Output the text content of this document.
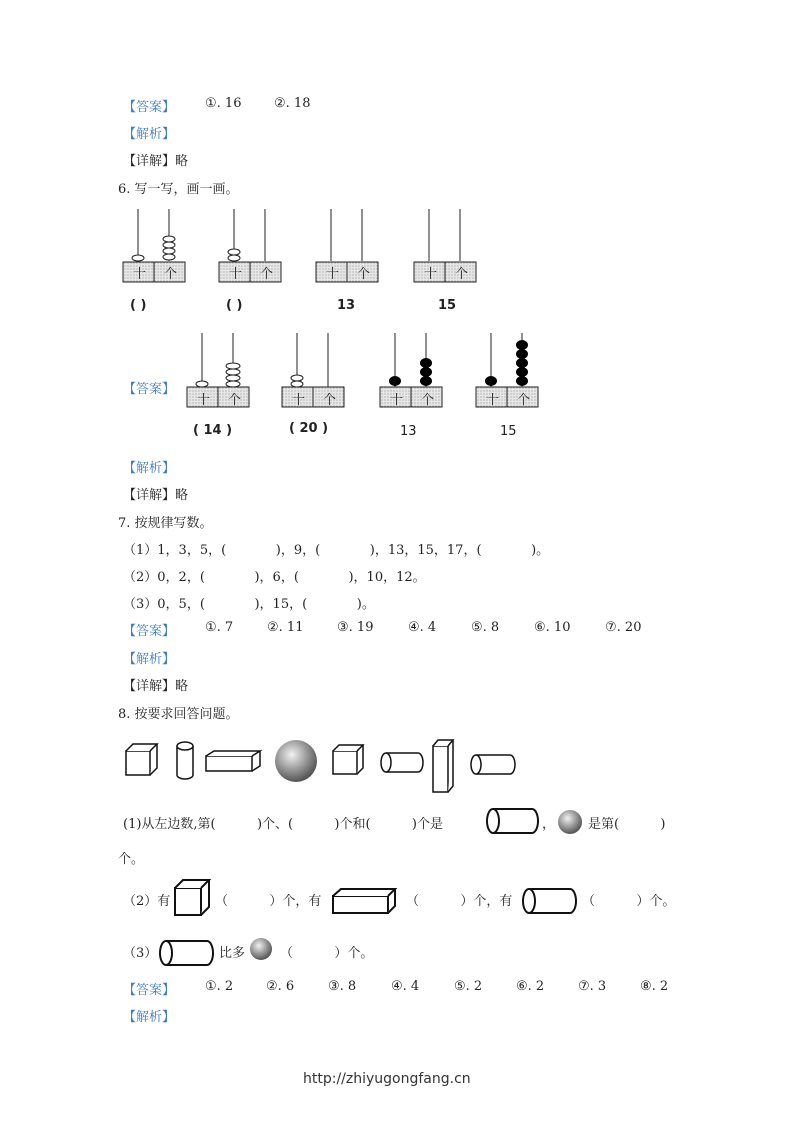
【答案】 ①. 16	②. 18
【解析】
【详解】略
6. 写一写，画一画。
十 个	十 个	十 个	十 个
( )	( )	13	15
【答案】
十 个	十 个	十 个	十 个
( 14 )	( 20 )	13	15
【解析】
【详解】略
7. 按规律写数。
（1）1，3，5，(            )，9，(            )，13，15，17，(            )。
（2）0，2，(            )，6，(            )，10，12。
（3）0，5，(            )，15，(            )。
【答案】 ①. 7	②. 11	③. 19	④. 4	⑤. 8	⑥. 10	⑦. 20
【解析】
【详解】略
8. 按要求回答问题。
(1)从左边数,第(          )个、(          )个和(          )个是	，	是第(          )
个。
（2）有	（          ）个，有	（          ）个，有	（          ）个。
（3）	比多	（          ）个。
【答案】 ①. 2	②. 6	③. 8	④. 4	⑤. 2	⑥. 2	⑦. 3	⑧. 2
【解析】
http://zhiyugongfang.cn
